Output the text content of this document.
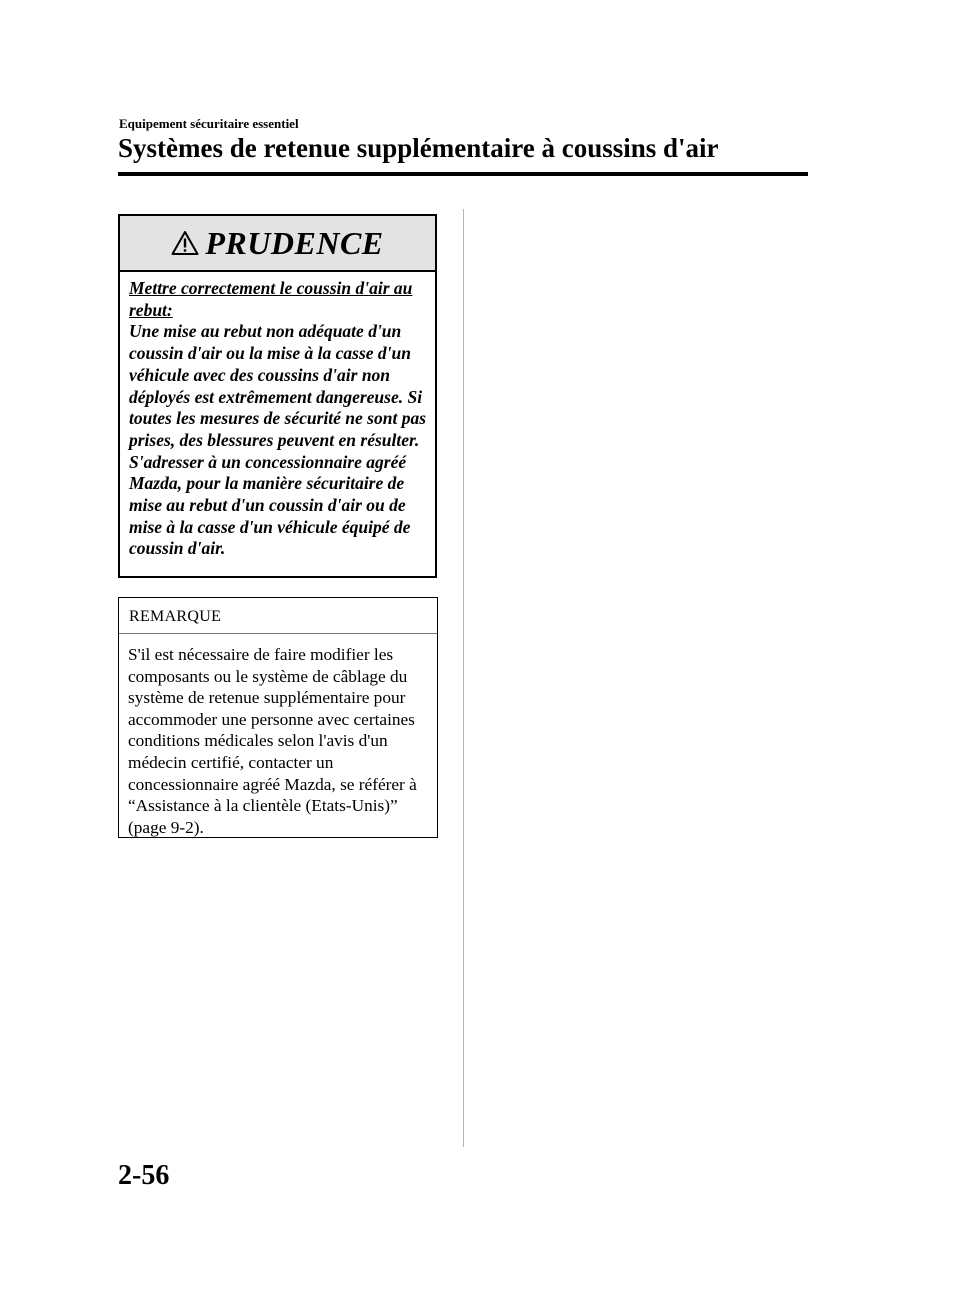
Equipement sécuritaire essentiel
Systèmes de retenue supplémentaire à coussins d'air
PRUDENCE
Mettre correctement le coussin d'air au rebut:
Une mise au rebut non adéquate d'un coussin d'air ou la mise à la casse d'un véhicule avec des coussins d'air non déployés est extrêmement dangereuse. Si toutes les mesures de sécurité ne sont pas prises, des blessures peuvent en résulter. S'adresser à un concessionnaire agréé Mazda, pour la manière sécuritaire de mise au rebut d'un coussin d'air ou de mise à la casse d'un véhicule équipé de coussin d'air.
REMARQUE
S'il est nécessaire de faire modifier les composants ou le système de câblage du système de retenue supplémentaire pour accommoder une personne avec certaines conditions médicales selon l'avis d'un médecin certifié, contacter un concessionnaire agréé Mazda, se référer à “Assistance à la clientèle (Etats-Unis)” (page 9-2).
2-56
